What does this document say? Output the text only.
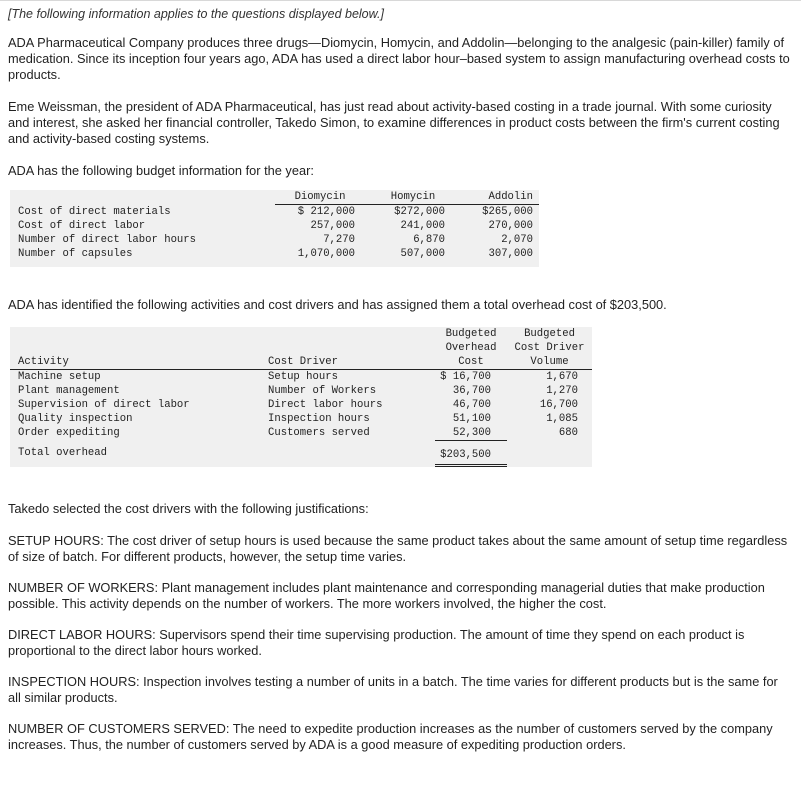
[The following information applies to the questions displayed below.]

ADA Pharmaceutical Company produces three drugs—Diomycin, Homycin, and Addolin—belonging to the analgesic (pain-killer) family of medication. Since its inception four years ago, ADA has used a direct labor hour–based system to assign manufacturing overhead costs to products.

Eme Weissman, the president of ADA Pharmaceutical, has just read about activity-based costing in a trade journal. With some curiosity and interest, she asked her financial controller, Takedo Simon, to examine differences in product costs between the firm's current costing and activity-based costing systems.

ADA has the following budget information for the year:

	Diomycin	Homycin	Addolin
Cost of direct materials	$ 212,000	$272,000	$265,000
Cost of direct labor	257,000	241,000	270,000
Number of direct labor hours	7,270	6,870	2,070
Number of capsules	1,070,000	507,000	307,000

ADA has identified the following activities and cost drivers and has assigned them a total overhead cost of $203,500.

		Budgeted	Budgeted
		Overhead	Cost Driver
Activity	Cost Driver	Cost	Volume
Machine setup	Setup hours	$ 16,700	1,670
Plant management	Number of Workers	36,700	1,270
Supervision of direct labor	Direct labor hours	46,700	16,700
Quality inspection	Inspection hours	51,100	1,085
Order expediting	Customers served	52,300	680
Total overhead		$203,500	

Takedo selected the cost drivers with the following justifications:

SETUP HOURS: The cost driver of setup hours is used because the same product takes about the same amount of setup time regardless of size of batch. For different products, however, the setup time varies.

NUMBER OF WORKERS: Plant management includes plant maintenance and corresponding managerial duties that make production possible. This activity depends on the number of workers. The more workers involved, the higher the cost.

DIRECT LABOR HOURS: Supervisors spend their time supervising production. The amount of time they spend on each product is proportional to the direct labor hours worked.

INSPECTION HOURS: Inspection involves testing a number of units in a batch. The time varies for different products but is the same for all similar products.

NUMBER OF CUSTOMERS SERVED: The need to expedite production increases as the number of customers served by the company increases. Thus, the number of customers served by ADA is a good measure of expediting production orders.
